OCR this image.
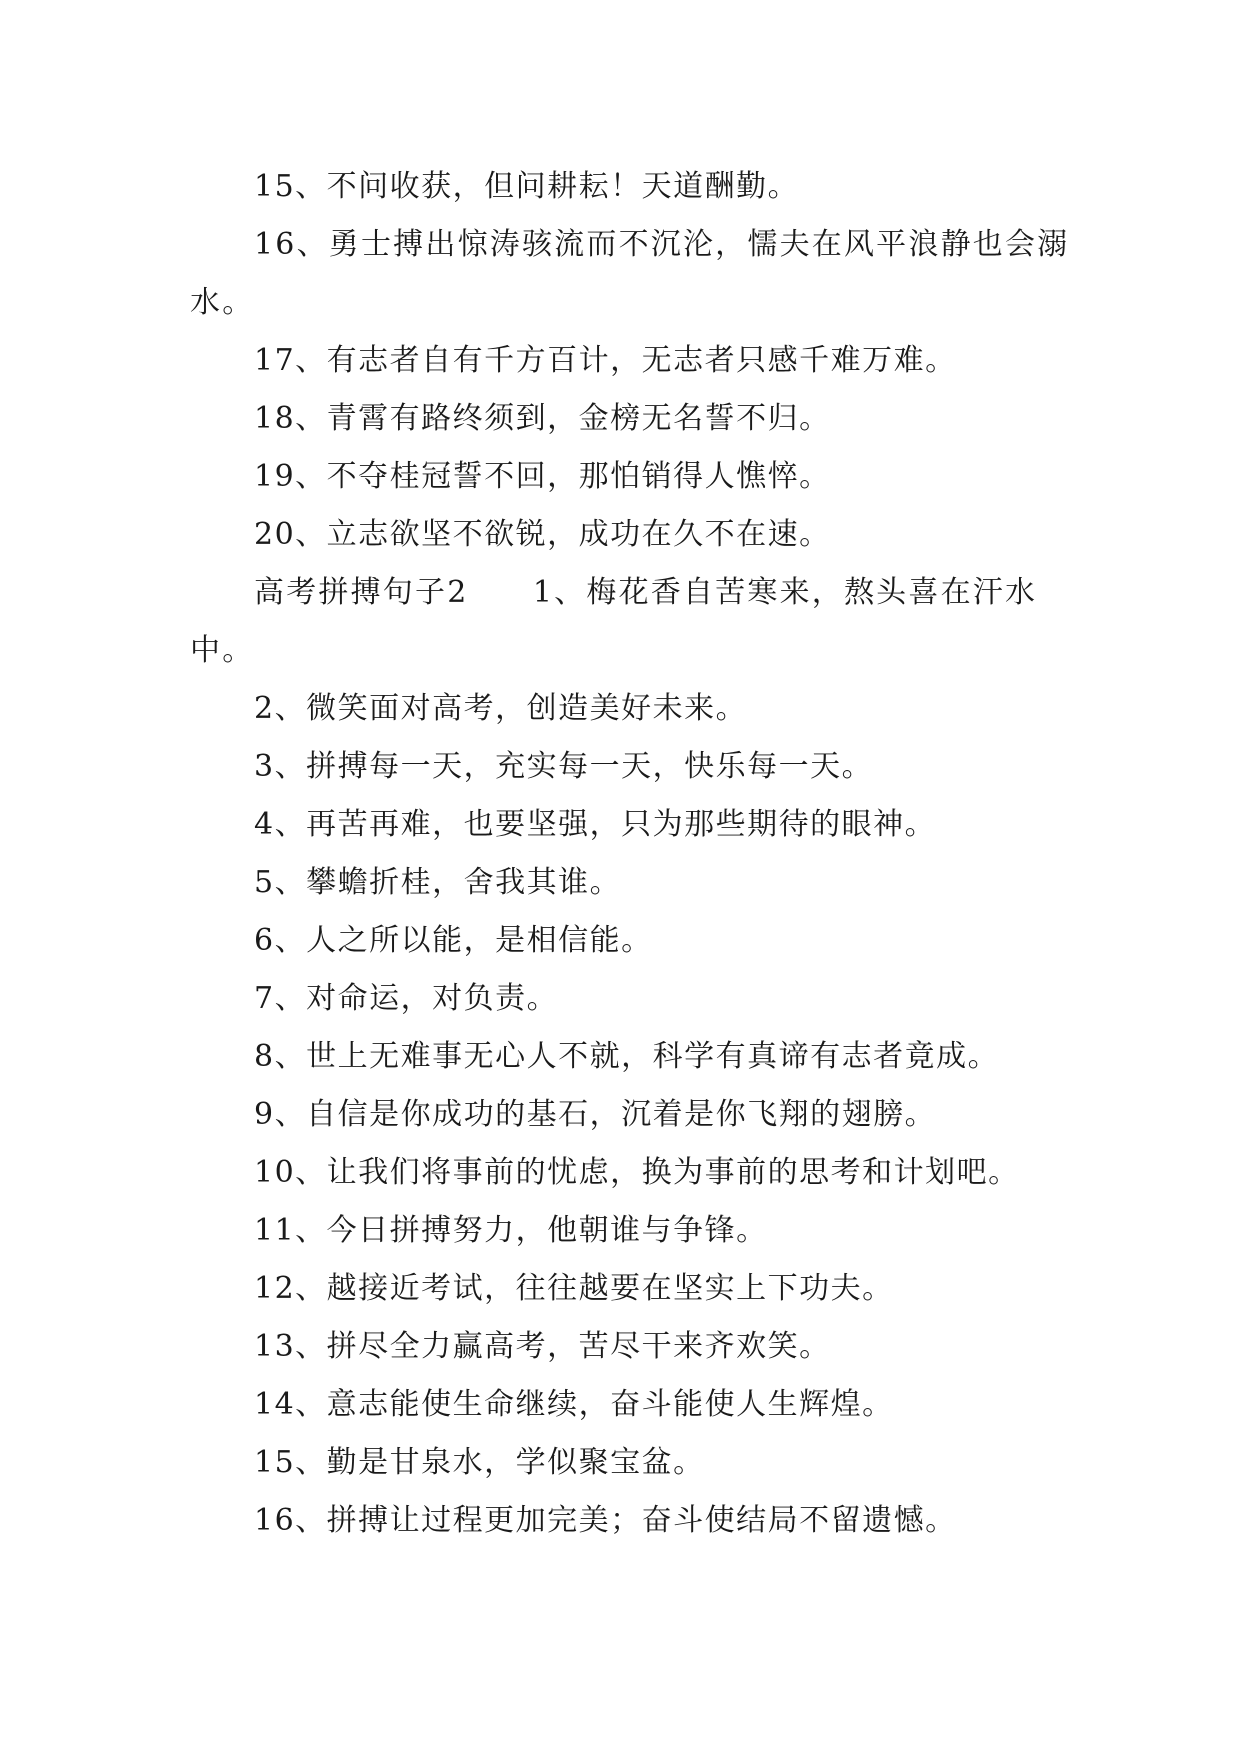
15、不问收获，但问耕耘！天道酬勤。

16、勇士搏出惊涛骇流而不沉沦，懦夫在风平浪静也会溺水。

17、有志者自有千方百计，无志者只感千难万难。

18、青霄有路终须到，金榜无名誓不归。

19、不夺桂冠誓不回，那怕销得人憔悴。

20、立志欲坚不欲锐，成功在久不在速。

高考拼搏句子2　　1、梅花香自苦寒来，熬头喜在汗水中。

2、微笑面对高考，创造美好未来。

3、拼搏每一天，充实每一天，快乐每一天。

4、再苦再难，也要坚强，只为那些期待的眼神。

5、攀蟾折桂，舍我其谁。

6、人之所以能，是相信能。

7、对命运，对负责。

8、世上无难事无心人不就，科学有真谛有志者竟成。

9、自信是你成功的基石，沉着是你飞翔的翅膀。

10、让我们将事前的忧虑，换为事前的思考和计划吧。

11、今日拼搏努力，他朝谁与争锋。

12、越接近考试，往往越要在坚实上下功夫。

13、拼尽全力赢高考，苦尽干来齐欢笑。

14、意志能使生命继续，奋斗能使人生辉煌。

15、勤是甘泉水，学似聚宝盆。

16、拼搏让过程更加完美；奋斗使结局不留遗憾。
